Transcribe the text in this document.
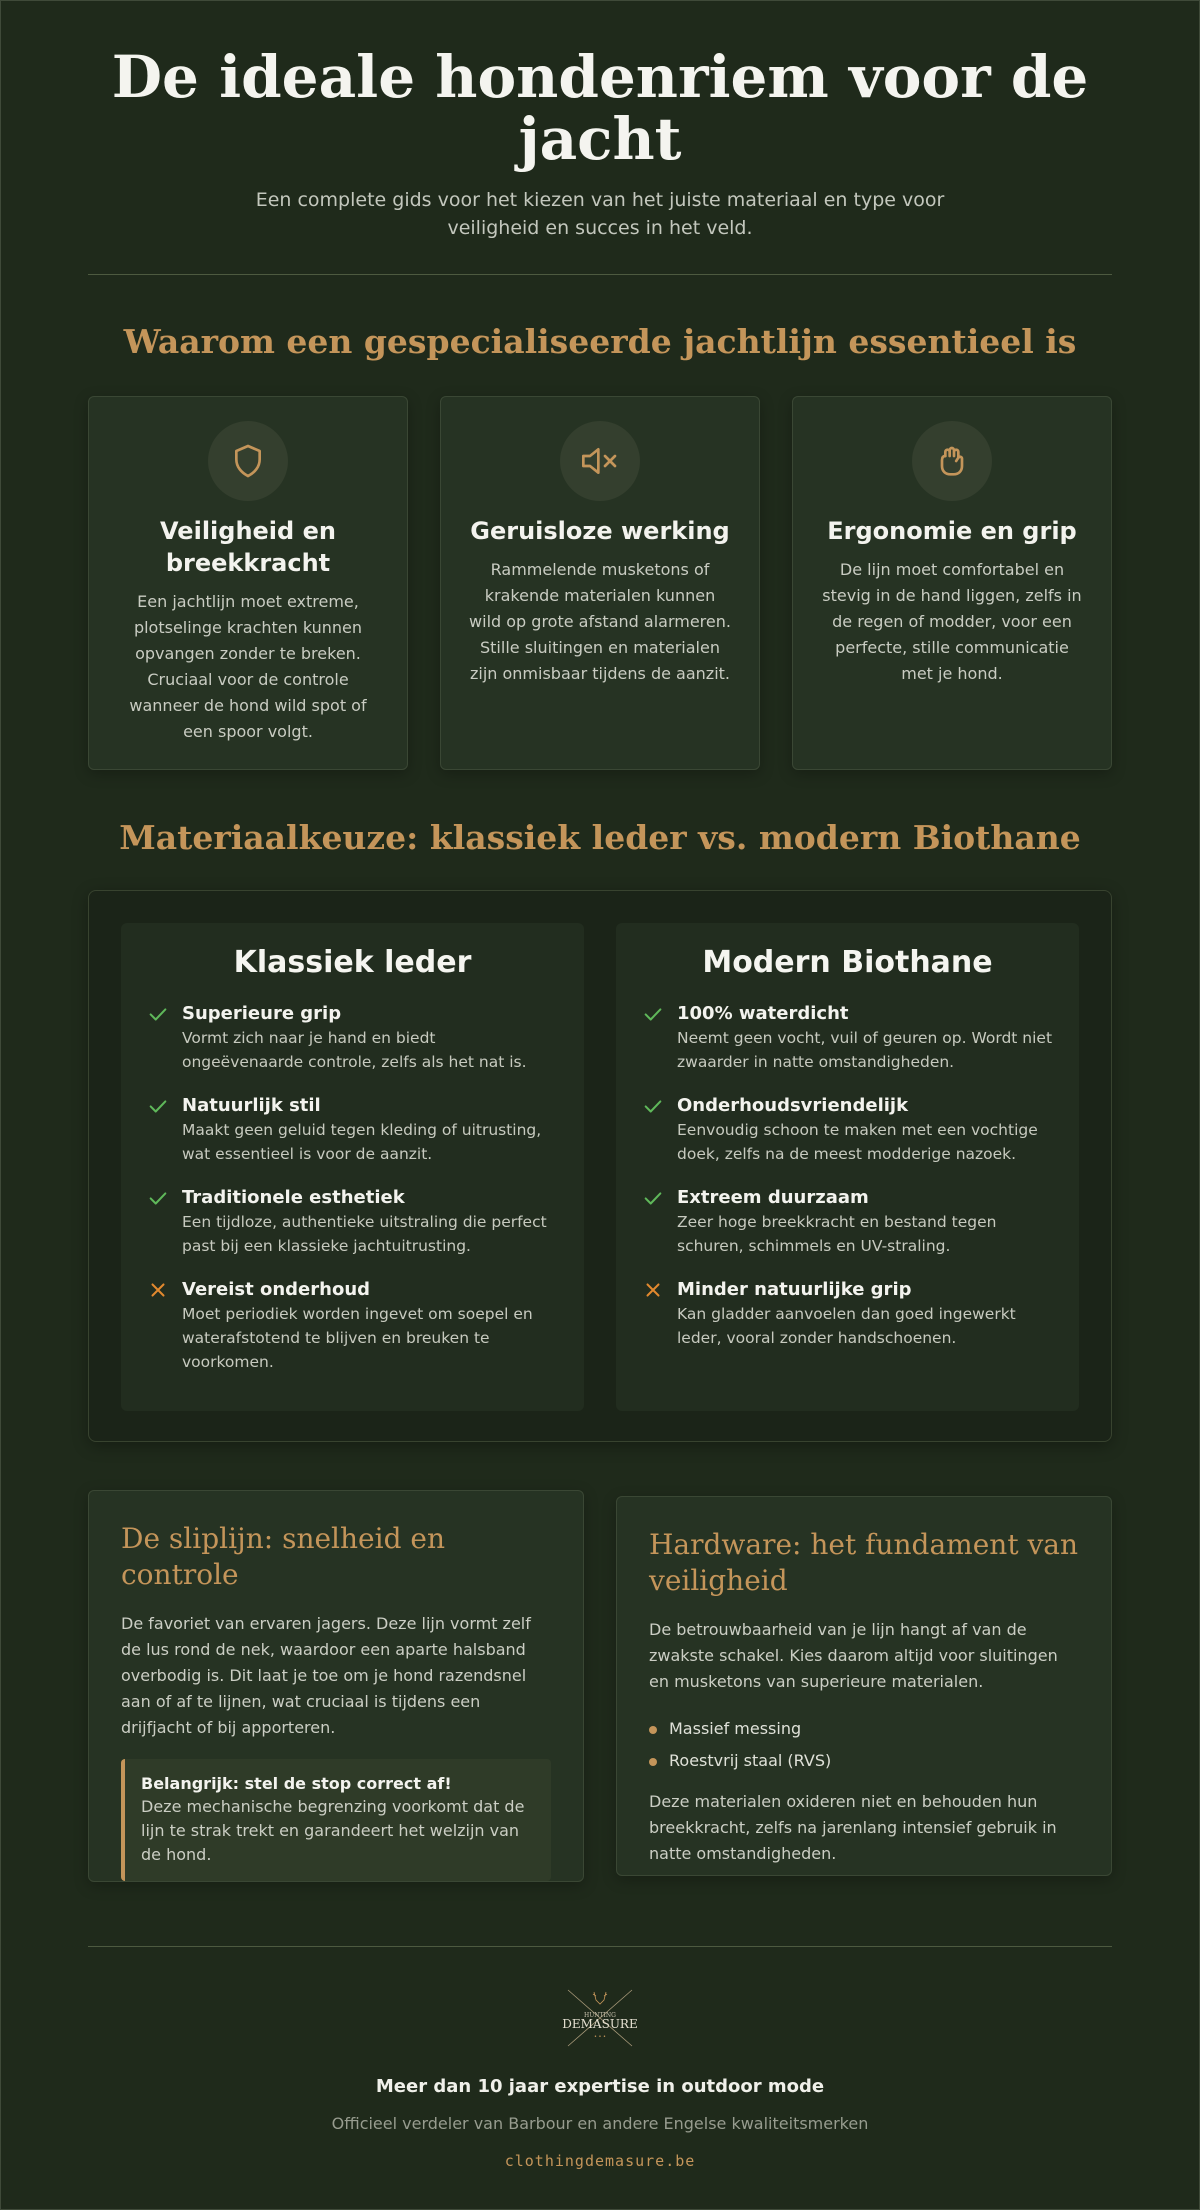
De ideale hondenriem voor de jacht

Een complete gids voor het kiezen van het juiste materiaal en type voor veiligheid en succes in het veld.

Waarom een gespecialiseerde jachtlijn essentieel is
Veiligheid en breekkracht

Een jachtlijn moet extreme, plotselinge krachten kunnen opvangen zonder te breken. Cruciaal voor de controle wanneer de hond wild spot of een spoor volgt.

Geruisloze werking

Rammelende musketons of krakende materialen kunnen wild op grote afstand alarmeren. Stille sluitingen en materialen zijn onmisbaar tijdens de aanzit.

Ergonomie en grip

De lijn moet comfortabel en stevig in de hand liggen, zelfs in de regen of modder, voor een perfecte, stille communicatie met je hond.

Materiaalkeuze: klassiek leder vs. modern Biothane
Klassiek leder
Superieure grip
Vormt zich naar je hand en biedt ongeëvenaarde controle, zelfs als het nat is.
Natuurlijk stil
Maakt geen geluid tegen kleding of uitrusting, wat essentieel is voor de aanzit.
Traditionele esthetiek
Een tijdloze, authentieke uitstraling die perfect past bij een klassieke jachtuitrusting.
Vereist onderhoud
Moet periodiek worden ingevet om soepel en waterafstotend te blijven en breuken te voorkomen.
Modern Biothane
100% waterdicht
Neemt geen vocht, vuil of geuren op. Wordt niet zwaarder in natte omstandigheden.
Onderhoudsvriendelijk
Eenvoudig schoon te maken met een vochtige doek, zelfs na de meest modderige nazoek.
Extreem duurzaam
Zeer hoge breekkracht en bestand tegen schuren, schimmels en UV-straling.
Minder natuurlijke grip
Kan gladder aanvoelen dan goed ingewerkt leder, vooral zonder handschoenen.
De sliplijn: snelheid en controle

De favoriet van ervaren jagers. Deze lijn vormt zelf de lus rond de nek, waardoor een aparte halsband overbodig is. Dit laat je toe om je hond razendsnel aan of af te lijnen, wat cruciaal is tijdens een drijfjacht of bij apporteren.

Belangrijk: stel de stop correct af!
Deze mechanische begrenzing voorkomt dat de lijn te strak trekt en garandeert het welzijn van de hond.
Hardware: het fundament van veiligheid

De betrouwbaarheid van je lijn hangt af van de zwakste schakel. Kies daarom altijd voor sluitingen en musketons van superieure materialen.

Massief messing
Roestvrij staal (RVS)

Deze materialen oxideren niet en behouden hun breekkracht, zelfs na jarenlang intensief gebruik in natte omstandigheden.

HUNTING
DEMASURE
• • •
Meer dan 10 jaar expertise in outdoor mode
Officieel verdeler van Barbour en andere Engelse kwaliteitsmerken
clothingdemasure.be
